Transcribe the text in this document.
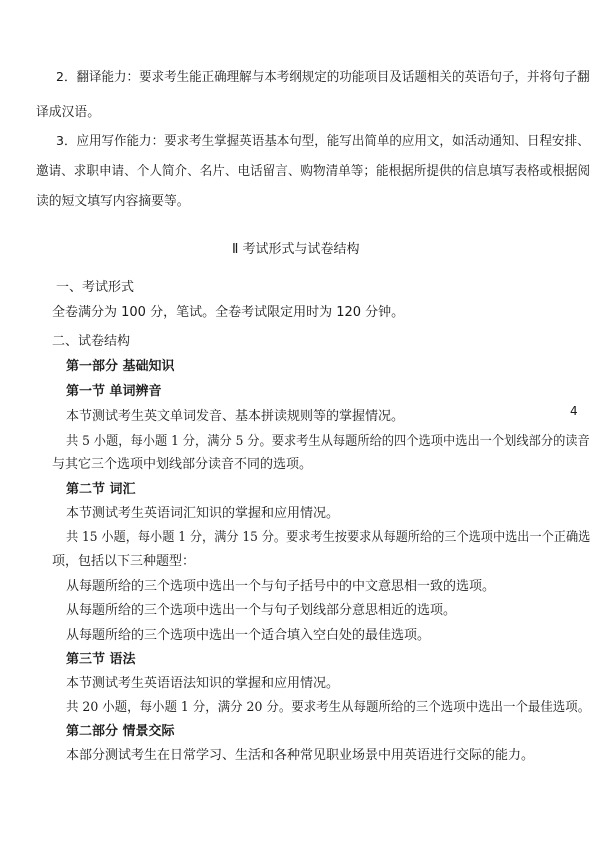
2．翻译能力：要求考生能正确理解与本考纲规定的功能项目及话题相关的英语句子，并将句子翻
译成汉语。
3．应用写作能力：要求考生掌握英语基本句型，能写出简单的应用文，如活动通知、日程安排、
邀请、求职申请、个人简介、名片、电话留言、购物清单等；能根据所提供的信息填写表格或根据阅
读的短文填写内容摘要等。
Ⅱ 考试形式与试卷结构
一、考试形式
全卷满分为 100 分，笔试。全卷考试限定用时为 120 分钟。
二、试卷结构
第一部分 基础知识
第一节 单词辨音
本节测试考生英文单词发音、基本拼读规则等的掌握情况。
共 5 小题，每小题 1 分，满分 5 分。要求考生从每题所给的四个选项中选出一个划线部分的读音
与其它三个选项中划线部分读音不同的选项。
第二节 词汇
本节测试考生英语词汇知识的掌握和应用情况。
共 15 小题，每小题 1 分，满分 15 分。要求考生按要求从每题所给的三个选项中选出一个正确选
项，包括以下三种题型：
从每题所给的三个选项中选出一个与句子括号中的中文意思相一致的选项。
从每题所给的三个选项中选出一个与句子划线部分意思相近的选项。
从每题所给的三个选项中选出一个适合填入空白处的最佳选项。
第三节 语法
本节测试考生英语语法知识的掌握和应用情况。
共 20 小题，每小题 1 分，满分 20 分。要求考生从每题所给的三个选项中选出一个最佳选项。
第二部分 情景交际
本部分测试考生在日常学习、生活和各种常见职业场景中用英语进行交际的能力。
4
